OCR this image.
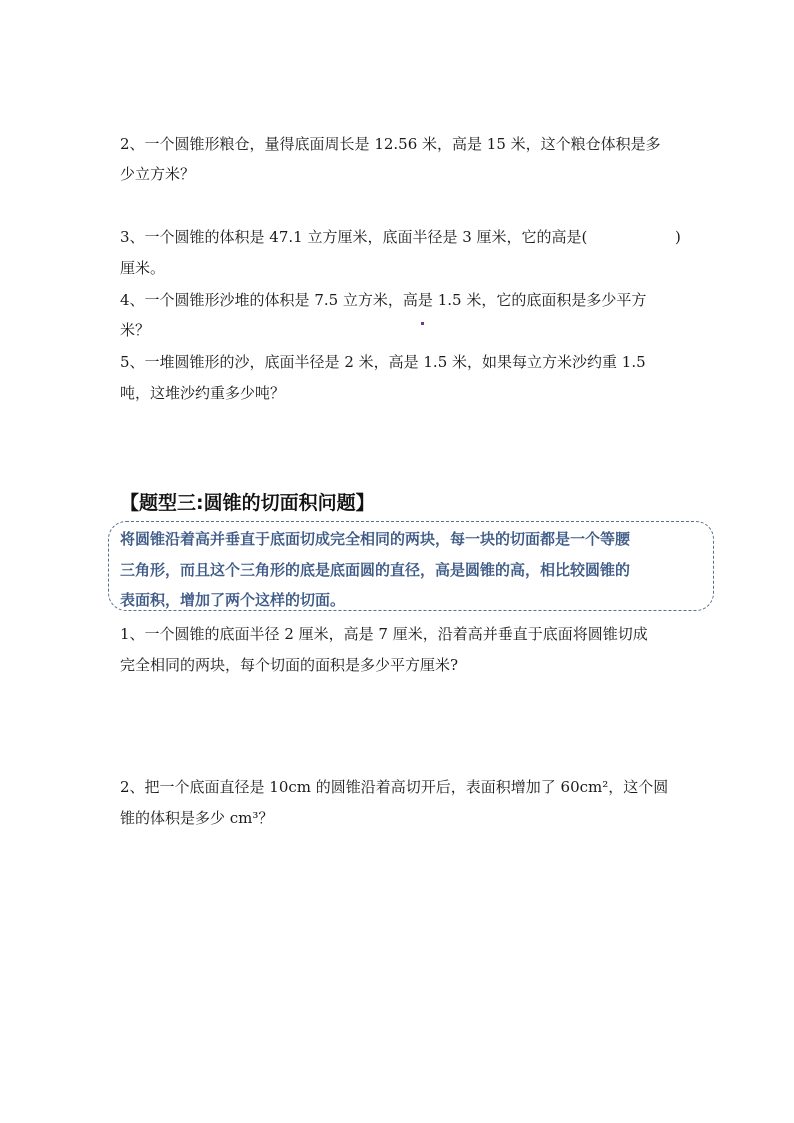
2、一个圆锥形粮仓，量得底面周长是 12.56 米，高是 15 米，这个粮仓体积是多
少立方米？
3、一个圆锥的体积是 47.1 立方厘米，底面半径是 3 厘米，它的高是(	)
厘米。
4、一个圆锥形沙堆的体积是 7.5 立方米，高是 1.5 米，它的底面积是多少平方
米？
5、一堆圆锥形的沙，底面半径是 2 米，高是 1.5 米，如果每立方米沙约重 1.5
吨，这堆沙约重多少吨？
【题型三:圆锥的切面积问题】
将圆锥沿着高并垂直于底面切成完全相同的两块，每一块的切面都是一个等腰
三角形，而且这个三角形的底是底面圆的直径，高是圆锥的高，相比较圆锥的
表面积，增加了两个这样的切面。
1、一个圆锥的底面半径 2 厘米，高是 7 厘米，沿着高并垂直于底面将圆锥切成
完全相同的两块，每个切面的面积是多少平方厘米?
2、把一个底面直径是 10cm 的圆锥沿着高切开后，表面积增加了 60cm²，这个圆
锥的体积是多少 cm³？
